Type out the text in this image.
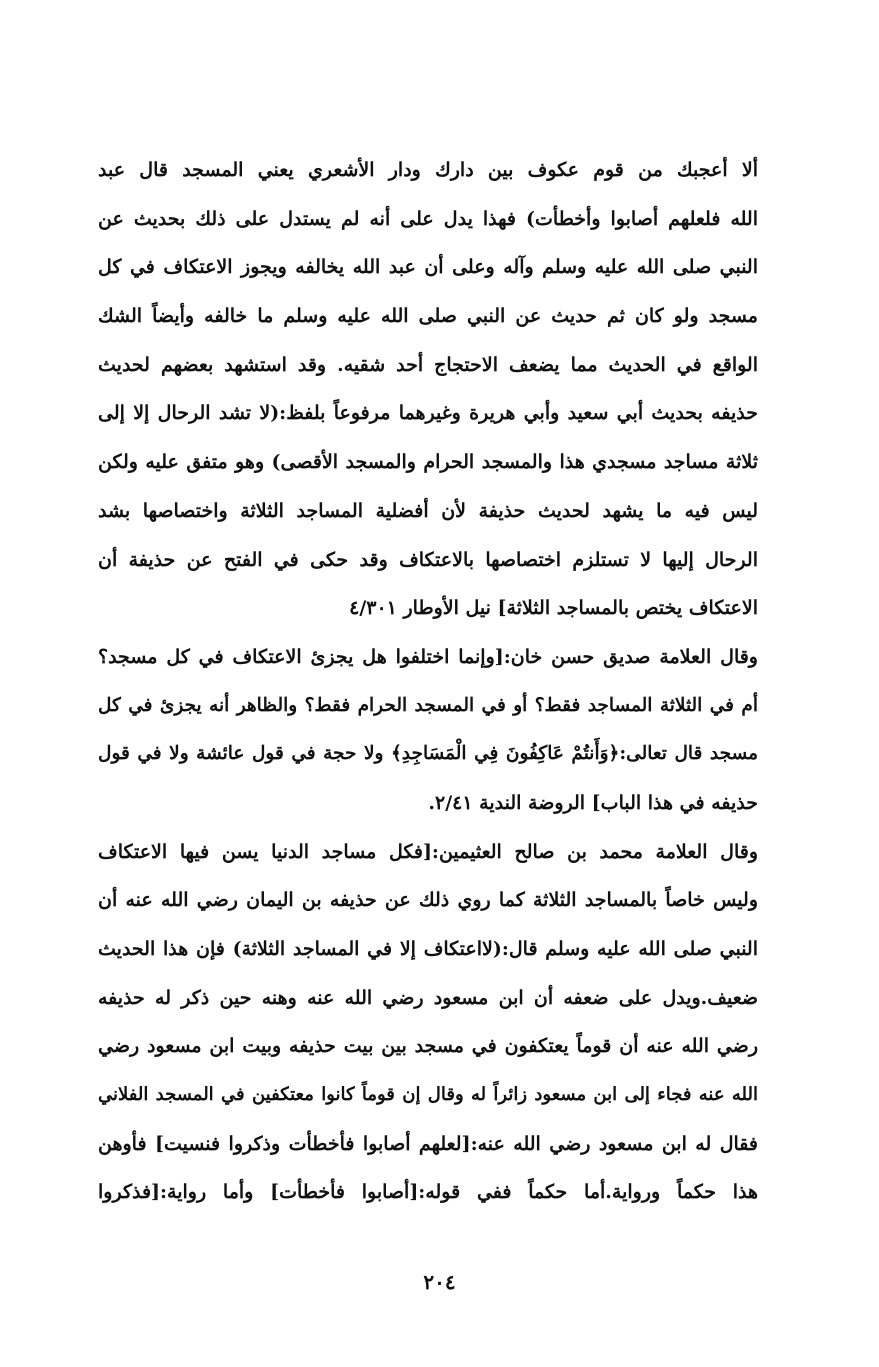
ألا أعجبك من قوم عكوف بين دارك ودار الأشعري يعني المسجد قال عبد
الله فلعلهم أصابوا وأخطأت) فهذا يدل على أنه لم يستدل على ذلك بحديث عن
النبي صلى الله عليه وسلم وآله وعلى أن عبد الله يخالفه ويجوز الاعتكاف في كل
مسجد ولو كان ثم حديث عن النبي صلى الله عليه وسلم ما خالفه وأيضاً الشك
الواقع في الحديث مما يضعف الاحتجاج أحد شقيه. وقد استشهد بعضهم لحديث
حذيفه بحديث أبي سعيد وأبي هريرة وغيرهما مرفوعاً بلفظ:(لا تشد الرحال إلا إلى
ثلاثة مساجد مسجدي هذا والمسجد الحرام والمسجد الأقصى) وهو متفق عليه ولكن
ليس فيه ما يشهد لحديث حذيفة لأن أفضلية المساجد الثلاثة واختصاصها بشد
الرحال إليها لا تستلزم اختصاصها بالاعتكاف وقد حكى في الفتح عن حذيفة أن
الاعتكاف يختص بالمساجد الثلاثة] نيل الأوطار ٤/٣٠١
وقال العلامة صديق حسن خان:[وإنما اختلفوا هل يجزئ الاعتكاف في كل مسجد؟
أم في الثلاثة المساجد فقط؟ أو في المسجد الحرام فقط؟ والظاهر أنه يجزئ في كل
مسجد قال تعالى:﴿وَأَنتُمْ عَاكِفُونَ فِي الْمَسَاجِدِ﴾ ولا حجة في قول عائشة ولا في قول
حذيفه في هذا الباب] الروضة الندية ٢/٤١.
وقال العلامة محمد بن صالح العثيمين:[فكل مساجد الدنيا يسن فيها الاعتكاف
وليس خاصاً بالمساجد الثلاثة كما روي ذلك عن حذيفه بن اليمان رضي الله عنه أن
النبي صلى الله عليه وسلم قال:(لااعتكاف إلا في المساجد الثلاثة) فإن هذا الحديث
ضعيف.ويدل على ضعفه أن ابن مسعود رضي الله عنه وهنه حين ذكر له حذيفه
رضي الله عنه أن قوماً يعتكفون في مسجد بين بيت حذيفه وبيت ابن مسعود رضي
الله عنه فجاء إلى ابن مسعود زائراً له وقال إن قوماً كانوا معتكفين في المسجد الفلاني
فقال له ابن مسعود رضي الله عنه:[لعلهم أصابوا فأخطأت وذكروا فنسيت] فأوهن
هذا حكماً ورواية.أما حكماً ففي قوله:[أصابوا فأخطأت] وأما رواية:[فذكروا
٢٠٤
